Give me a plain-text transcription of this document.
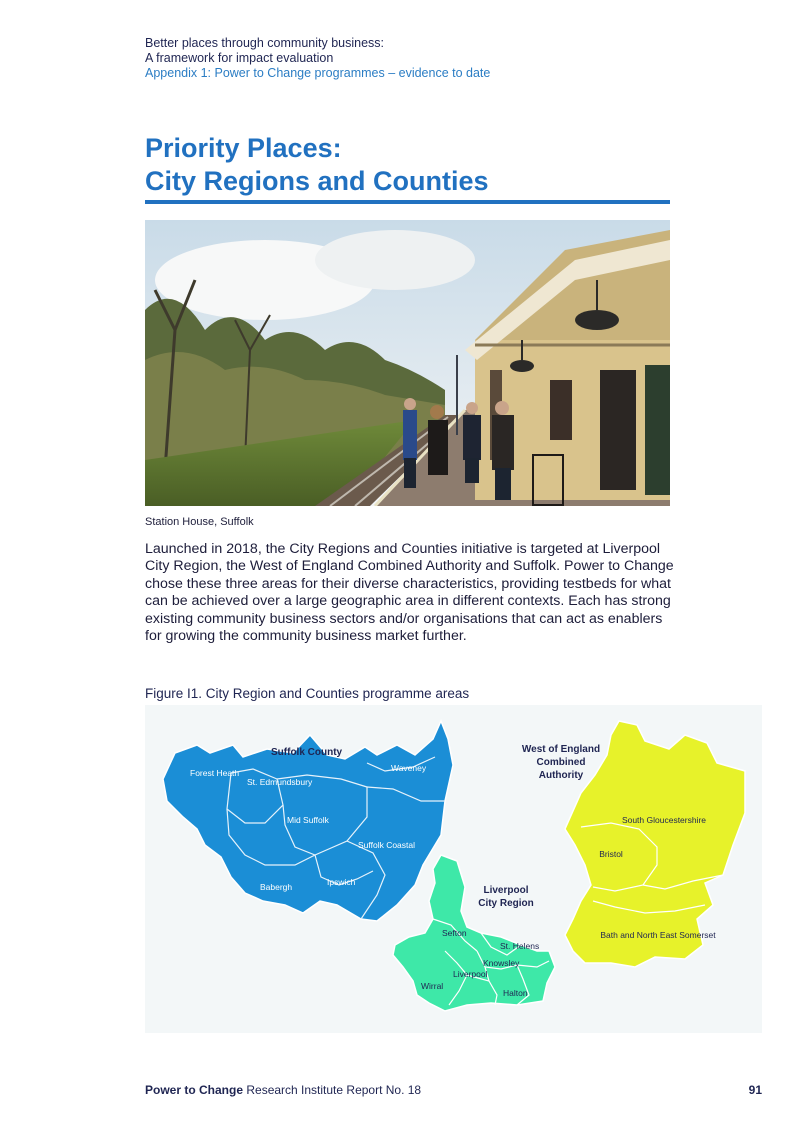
Better places through community business:
A framework for impact evaluation
Appendix 1: Power to Change programmes – evidence to date
Priority Places:
City Regions and Counties
Station House, Suffolk

Launched in 2018, the City Regions and Counties initiative is targeted at Liverpool City Region, the West of England Combined Authority and Suffolk. Power to Change chose these three areas for their diverse characteristics, providing testbeds for what can be achieved over a large geographic area in different contexts. Each has strong existing community business sectors and/or organisations that can act as enablers for growing the community business market further.

Figure I1. City Region and Counties programme areas
Suffolk County
Forest Heath
St. Edmundsbury
Mid Suffolk
Waveney
Suffolk Coastal
Babergh	Ipswich
West of England
Combined
Authority
South Gloucestershire
Bristol
Bath and North East Somerset
Liverpool
City Region
Sefton
St. Helens
Knowsley
Liverpool
Wirral
Halton
Power to Change Research Institute Report No. 18	91
